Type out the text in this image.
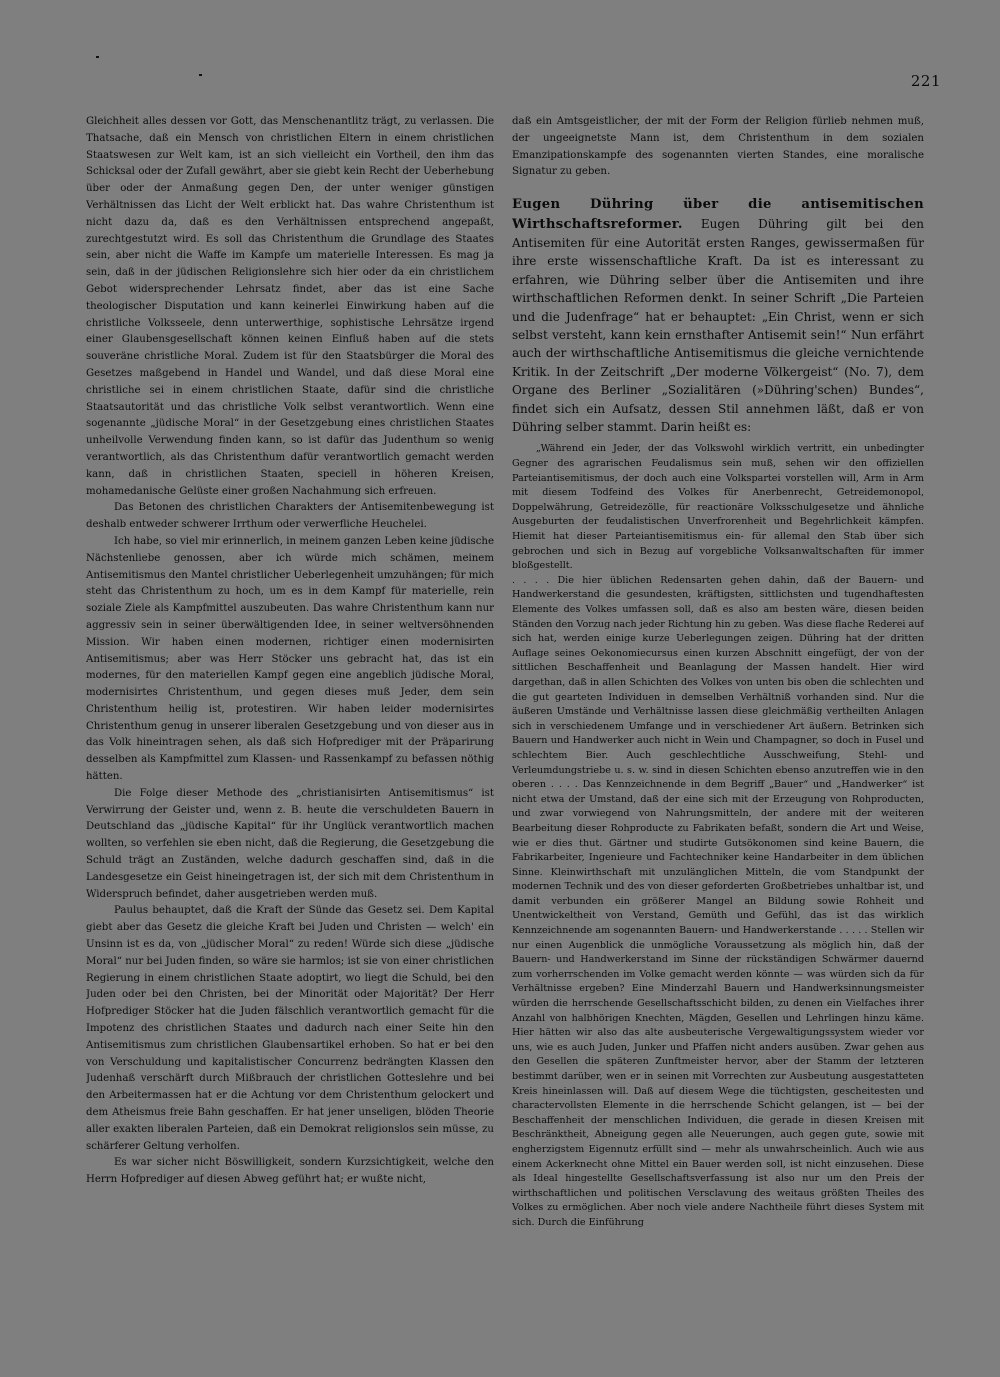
221

Gleichheit alles dessen vor Gott, das Menschenantlitz trägt, zu verlassen. Die Thatsache, daß ein Mensch von christlichen Eltern in einem christlichen Staatswesen zur Welt kam, ist an sich vielleicht ein Vortheil, den ihm das Schicksal oder der Zufall gewährt, aber sie giebt kein Recht der Ueberhebung über oder der Anmaßung gegen Den, der unter weniger günstigen Verhältnissen das Licht der Welt erblickt hat. Das wahre Christenthum ist nicht dazu da, daß es den Verhältnissen entsprechend angepaßt, zurechtgestutzt wird. Es soll das Christenthum die Grundlage des Staates sein, aber nicht die Waffe im Kampfe um materielle Interessen. Es mag ja sein, daß in der jüdischen Religionslehre sich hier oder da ein christlichem Gebot widersprechender Lehrsatz findet, aber das ist eine Sache theologischer Disputation und kann keinerlei Einwirkung haben auf die christliche Volksseele, denn unterwerthige, sophistische Lehrsätze irgend einer Glaubensgesellschaft können keinen Einfluß haben auf die stets souveräne christliche Moral. Zudem ist für den Staatsbürger die Moral des Gesetzes maßgebend in Handel und Wandel, und daß diese Moral eine christliche sei in einem christlichen Staate, dafür sind die christliche Staatsautorität und das christliche Volk selbst verantwortlich. Wenn eine sogenannte „jüdische Moral“ in der Gesetzgebung eines christlichen Staates unheilvolle Verwendung finden kann, so ist dafür das Judenthum so wenig verantwortlich, als das Christenthum dafür verantwortlich gemacht werden kann, daß in christlichen Staaten, speciell in höheren Kreisen, mohamedanische Gelüste einer großen Nachahmung sich erfreuen.

Das Betonen des christlichen Charakters der Antisemitenbewegung ist deshalb entweder schwerer Irrthum oder verwerfliche Heuchelei.

Ich habe, so viel mir erinnerlich, in meinem ganzen Leben keine jüdische Nächstenliebe genossen, aber ich würde mich schämen, meinem Antisemitismus den Mantel christlicher Ueberlegenheit umzuhängen; für mich steht das Christenthum zu hoch, um es in dem Kampf für materielle, rein soziale Ziele als Kampfmittel auszubeuten. Das wahre Christenthum kann nur aggressiv sein in seiner überwältigenden Idee, in seiner weltversöhnenden Mission. Wir haben einen modernen, richtiger einen modernisirten Antisemitismus; aber was Herr Stöcker uns gebracht hat, das ist ein modernes, für den materiellen Kampf gegen eine angeblich jüdische Moral, modernisirtes Christenthum, und gegen dieses muß Jeder, dem sein Christenthum heilig ist, protestiren. Wir haben leider modernisirtes Christenthum genug in unserer liberalen Gesetzgebung und von dieser aus in das Volk hineintragen sehen, als daß sich Hofprediger mit der Präparirung desselben als Kampfmittel zum Klassen- und Rassenkampf zu befassen nöthig hätten.

Die Folge dieser Methode des „christianisirten Antisemitismus“ ist Verwirrung der Geister und, wenn z. B. heute die verschuldeten Bauern in Deutschland das „jüdische Kapital“ für ihr Unglück verantwortlich machen wollten, so verfehlen sie eben nicht, daß die Regierung, die Gesetzgebung die Schuld trägt an Zuständen, welche dadurch geschaffen sind, daß in die Landesgesetze ein Geist hineingetragen ist, der sich mit dem Christenthum in Widerspruch befindet, daher ausgetrieben werden muß.

Paulus behauptet, daß die Kraft der Sünde das Gesetz sei. Dem Kapital giebt aber das Gesetz die gleiche Kraft bei Juden und Christen — welch' ein Unsinn ist es da, von „jüdischer Moral“ zu reden! Würde sich diese „jüdische Moral“ nur bei Juden finden, so wäre sie harmlos; ist sie von einer christlichen Regierung in einem christlichen Staate adoptirt, wo liegt die Schuld, bei den Juden oder bei den Christen, bei der Minorität oder Majorität? Der Herr Hofprediger Stöcker hat die Juden fälschlich verantwortlich gemacht für die Impotenz des christlichen Staates und dadurch nach einer Seite hin den Antisemitismus zum christlichen Glaubensartikel erhoben. So hat er bei den von Verschuldung und kapitalistischer Concurrenz bedrängten Klassen den Judenhaß verschärft durch Mißbrauch der christlichen Gotteslehre und bei den Arbeitermassen hat er die Achtung vor dem Christenthum gelockert und dem Atheismus freie Bahn geschaffen. Er hat jener unseligen, blöden Theorie aller exakten liberalen Parteien, daß ein Demokrat religionslos sein müsse, zu schärferer Geltung verholfen.

Es war sicher nicht Böswilligkeit, sondern Kurzsichtigkeit, welche den Herrn Hofprediger auf diesen Abweg geführt hat; er wußte nicht,

daß ein Amtsgeistlicher, der mit der Form der Religion fürlieb nehmen muß, der ungeeignetste Mann ist, dem Christenthum in dem sozialen Emanzipationskampfe des sogenannten vierten Standes, eine moralische Signatur zu geben.

Eugen Dühring über die antisemitischen Wirthschaftsreformer. Eugen Dühring gilt bei den Antisemiten für eine Autorität ersten Ranges, gewissermaßen für ihre erste wissenschaftliche Kraft. Da ist es interessant zu erfahren, wie Dühring selber über die Antisemiten und ihre wirthschaftlichen Reformen denkt. In seiner Schrift „Die Parteien und die Judenfrage“ hat er behauptet: „Ein Christ, wenn er sich selbst versteht, kann kein ernsthafter Antisemit sein!“ Nun erfährt auch der wirthschaftliche Antisemitismus die gleiche vernichtende Kritik. In der Zeitschrift „Der moderne Völkergeist“ (No. 7), dem Organe des Berliner „Sozialitären (»Dühring'schen) Bundes“, findet sich ein Aufsatz, dessen Stil annehmen läßt, daß er von Dühring selber stammt. Darin heißt es:

„Während ein Jeder, der das Volkswohl wirklich vertritt, ein unbedingter Gegner des agrarischen Feudalismus sein muß, sehen wir den offiziellen Parteiantisemitismus, der doch auch eine Volkspartei vorstellen will, Arm in Arm mit diesem Todfeind des Volkes für Anerbenrecht, Getreidemonopol, Doppelwährung, Getreidezölle, für reactionäre Volksschulgesetze und ähnliche Ausgeburten der feudalistischen Unverfrorenheit und Begehrlichkeit kämpfen. Hiemit hat dieser Parteiantisemitismus ein- für allemal den Stab über sich gebrochen und sich in Bezug auf vorgebliche Volksanwaltschaften für immer bloßgestellt.

. . . . Die hier üblichen Redensarten gehen dahin, daß der Bauern- und Handwerkerstand die gesundesten, kräftigsten, sittlichsten und tugendhaftesten Elemente des Volkes umfassen soll, daß es also am besten wäre, diesen beiden Ständen den Vorzug nach jeder Richtung hin zu geben. Was diese flache Rederei auf sich hat, werden einige kurze Ueberlegungen zeigen. Dühring hat der dritten Auflage seines Oekonomiecursus einen kurzen Abschnitt eingefügt, der von der sittlichen Beschaffenheit und Beanlagung der Massen handelt. Hier wird dargethan, daß in allen Schichten des Volkes von unten bis oben die schlechten und die gut gearteten Individuen in demselben Verhältniß vorhanden sind. Nur die äußeren Umstände und Verhältnisse lassen diese gleichmäßig vertheilten Anlagen sich in verschiedenem Umfange und in verschiedener Art äußern. Betrinken sich Bauern und Handwerker auch nicht in Wein und Champagner, so doch in Fusel und schlechtem Bier. Auch geschlechtliche Ausschweifung, Stehl- und Verleumdungstriebe u. s. w. sind in diesen Schichten ebenso anzutreffen wie in den oberen . . . . Das Kennzeichnende in dem Begriff „Bauer“ und „Handwerker“ ist nicht etwa der Umstand, daß der eine sich mit der Erzeugung von Rohproducten, und zwar vorwiegend von Nahrungsmitteln, der andere mit der weiteren Bearbeitung dieser Rohproducte zu Fabrikaten befaßt, sondern die Art und Weise, wie er dies thut. Gärtner und studirte Gutsökonomen sind keine Bauern, die Fabrikarbeiter, Ingenieure und Fachtechniker keine Handarbeiter in dem üblichen Sinne. Kleinwirthschaft mit unzulänglichen Mitteln, die vom Standpunkt der modernen Technik und des von dieser geforderten Großbetriebes unhaltbar ist, und damit verbunden ein größerer Mangel an Bildung sowie Rohheit und Unentwickeltheit von Verstand, Gemüth und Gefühl, das ist das wirklich Kennzeichnende am sogenannten Bauern- und Handwerkerstande . . . . . Stellen wir nur einen Augenblick die unmögliche Voraussetzung als möglich hin, daß der Bauern- und Handwerkerstand im Sinne der rückständigen Schwärmer dauernd zum vorherrschenden im Volke gemacht werden könnte — was würden sich da für Verhältnisse ergeben? Eine Minderzahl Bauern und Handwerksinnungsmeister würden die herrschende Gesellschaftsschicht bilden, zu denen ein Vielfaches ihrer Anzahl von halbhörigen Knechten, Mägden, Gesellen und Lehrlingen hinzu käme. Hier hätten wir also das alte ausbeuterische Vergewaltigungssystem wieder vor uns, wie es auch Juden, Junker und Pfaffen nicht anders ausüben. Zwar gehen aus den Gesellen die späteren Zunftmeister hervor, aber der Stamm der letzteren bestimmt darüber, wen er in seinen mit Vorrechten zur Ausbeutung ausgestatteten Kreis hineinlassen will. Daß auf diesem Wege die tüchtigsten, gescheitesten und charactervollsten Elemente in die herrschende Schicht gelangen, ist — bei der Beschaffenheit der menschlichen Individuen, die gerade in diesen Kreisen mit Beschränktheit, Abneigung gegen alle Neuerungen, auch gegen gute, sowie mit engherzigstem Eigennutz erfüllt sind — mehr als unwahrscheinlich. Auch wie aus einem Ackerknecht ohne Mittel ein Bauer werden soll, ist nicht einzusehen. Diese als Ideal hingestellte Gesellschaftsverfassung ist also nur um den Preis der wirthschaftlichen und politischen Versclavung des weitaus größten Theiles des Volkes zu ermöglichen. Aber noch viele andere Nachtheile führt dieses System mit sich. Durch die Einführung
